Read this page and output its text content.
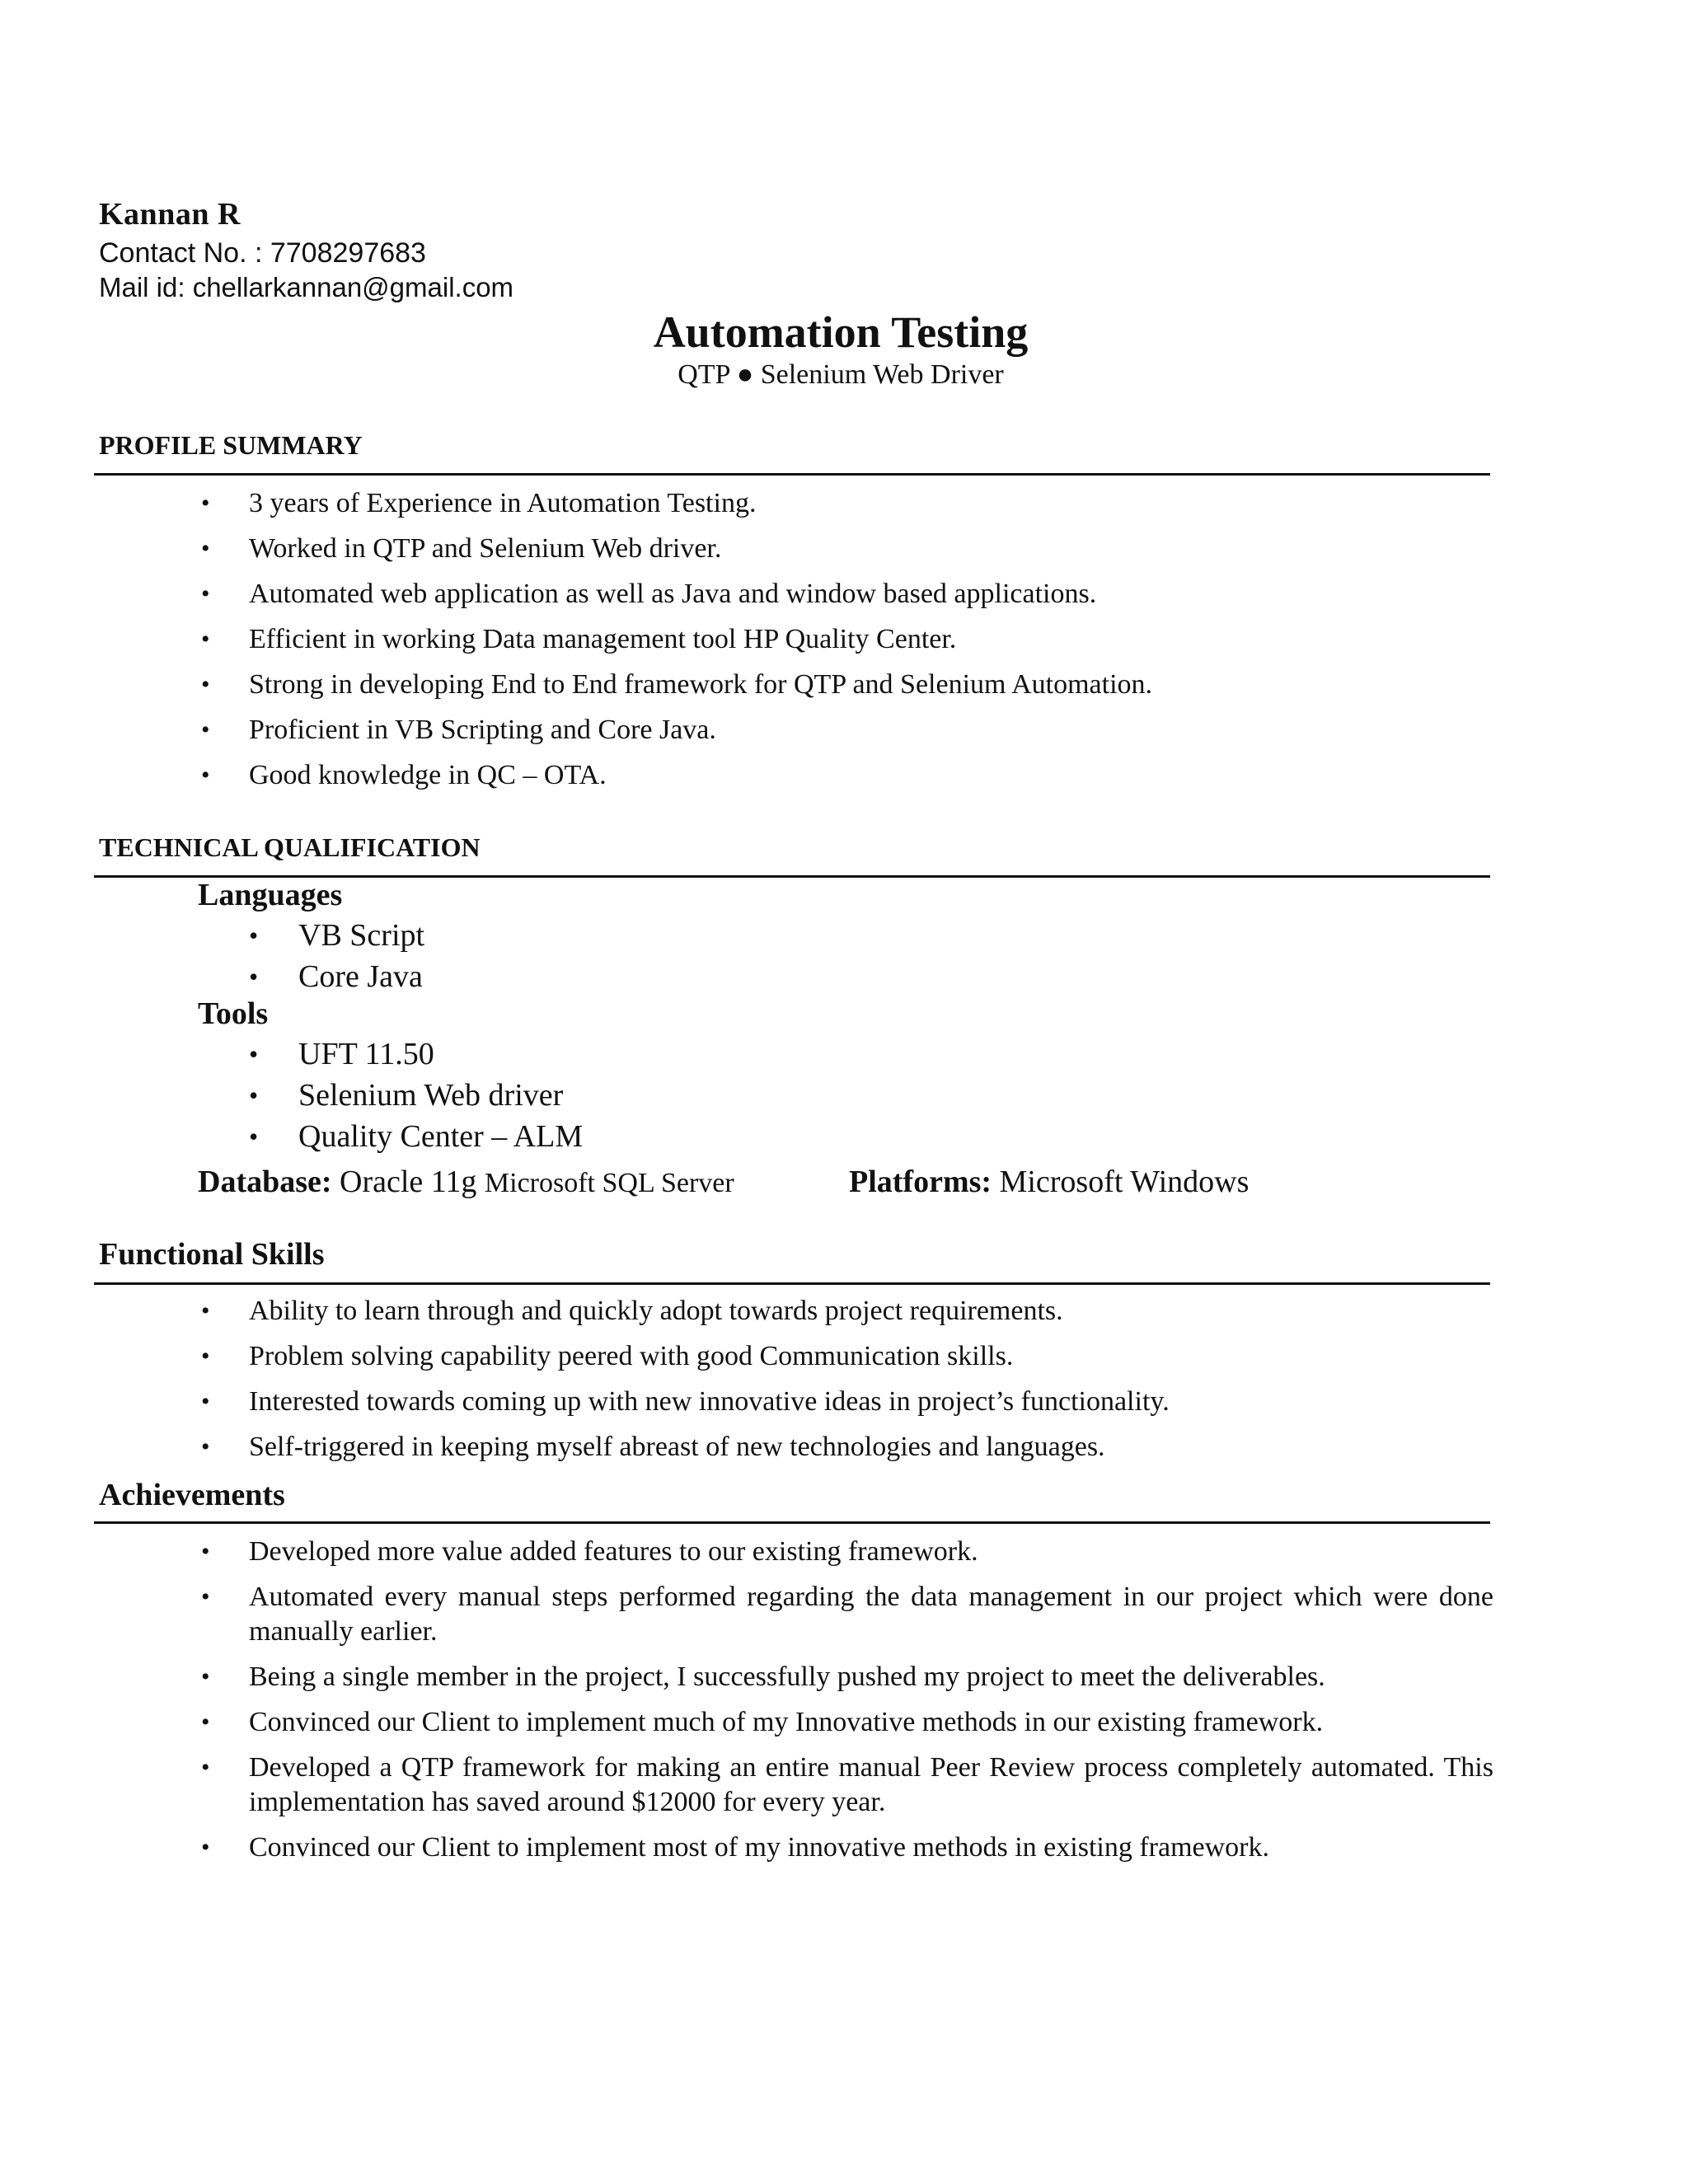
Kannan R
Contact No. : 7708297683
Mail id: chellarkannan@gmail.com
Automation Testing
QTP ● Selenium Web Driver
PROFILE SUMMARY
• 3 years of Experience in Automation Testing.
• Worked in QTP and Selenium Web driver.
• Automated web application as well as Java and window based applications.
• Efficient in working Data management tool HP Quality Center.
• Strong in developing End to End framework for QTP and Selenium Automation.
• Proficient in VB Scripting and Core Java.
• Good knowledge in QC – OTA.
TECHNICAL QUALIFICATION
Languages
• VB Script
• Core Java
Tools
• UFT 11.50
• Selenium Web driver
• Quality Center – ALM
Database: Oracle 11g Microsoft SQL Server	Platforms: Microsoft Windows
Functional Skills
• Ability to learn through and quickly adopt towards project requirements.
• Problem solving capability peered with good Communication skills.
• Interested towards coming up with new innovative ideas in project’s functionality.
• Self-triggered in keeping myself abreast of new technologies and languages.
Achievements
• Developed more value added features to our existing framework.
• Automated every manual steps performed regarding the data management in our project which were done manually earlier.
• Being a single member in the project, I successfully pushed my project to meet the deliverables.
• Convinced our Client to implement much of my Innovative methods in our existing framework.
• Developed a QTP framework for making an entire manual Peer Review process completely automated. This implementation has saved around $12000 for every year.
• Convinced our Client to implement most of my innovative methods in existing framework.
